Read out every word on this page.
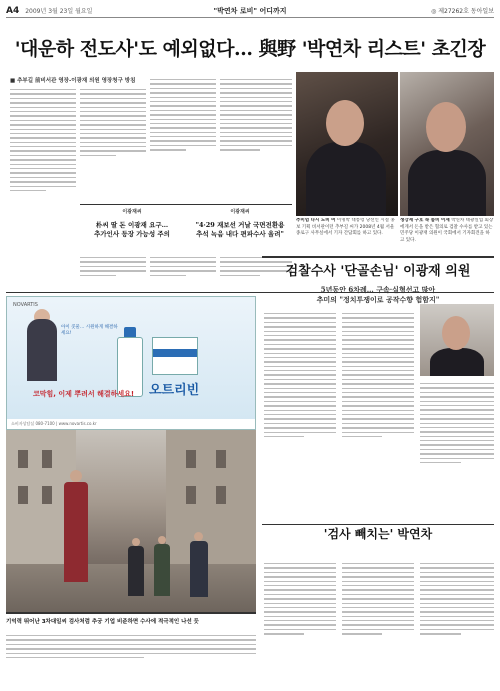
A4 2009년 3월 23일 월요일	"박연차 로비" 어디까지	◎ 제27262호 동아일보
'대운하 전도사'도 예외없다… 與野 '박연차 리스트' 초긴장
■ 추부길 前비서관 영장-이광재 의원 영장청구 방침
이광재씨
朴씨 딸 돈 이광재 요구…
추가인사 등장 가능성 주의
이광재씨
"4·29 재보선 거날 국면전환용
추석 녹음 내다 편파수사 올려"
추미엄 다시 도비 어 이명박 대통령 당선인 시절 홍보 기획 비서관이던 추부길 씨가 2008년 4월 서울 종로구 사무실에서 기자 간담회를 하고 있다.
생강재 구호 속 룸비 이재 박연차 태광실업 회장에게서 돈을 받은 혐의로 검찰 수사를 받고 있는 민주당 이광재 의원이 국회에서 기자회견을 하고 있다.
NOVARTIS
아이 콧물… 시원하게 해결하세요!
코막힘, 이제 뿌려서 해결하세요! 오트리빈
소비자상담실 080-7100 | www.novartis.co.kr
기억력 뛰어난 3차대일씨 검사처럼 추궁 기업 비준하면 수사에 적극적인 나선 듯
검찰수사 '단골손님' 이광재 의원
5년동안 6차례… 구속·실형선고 많아
추미의 "정치투쟁이로 공작수향 험함지"
'검사 빼치는' 박연차
